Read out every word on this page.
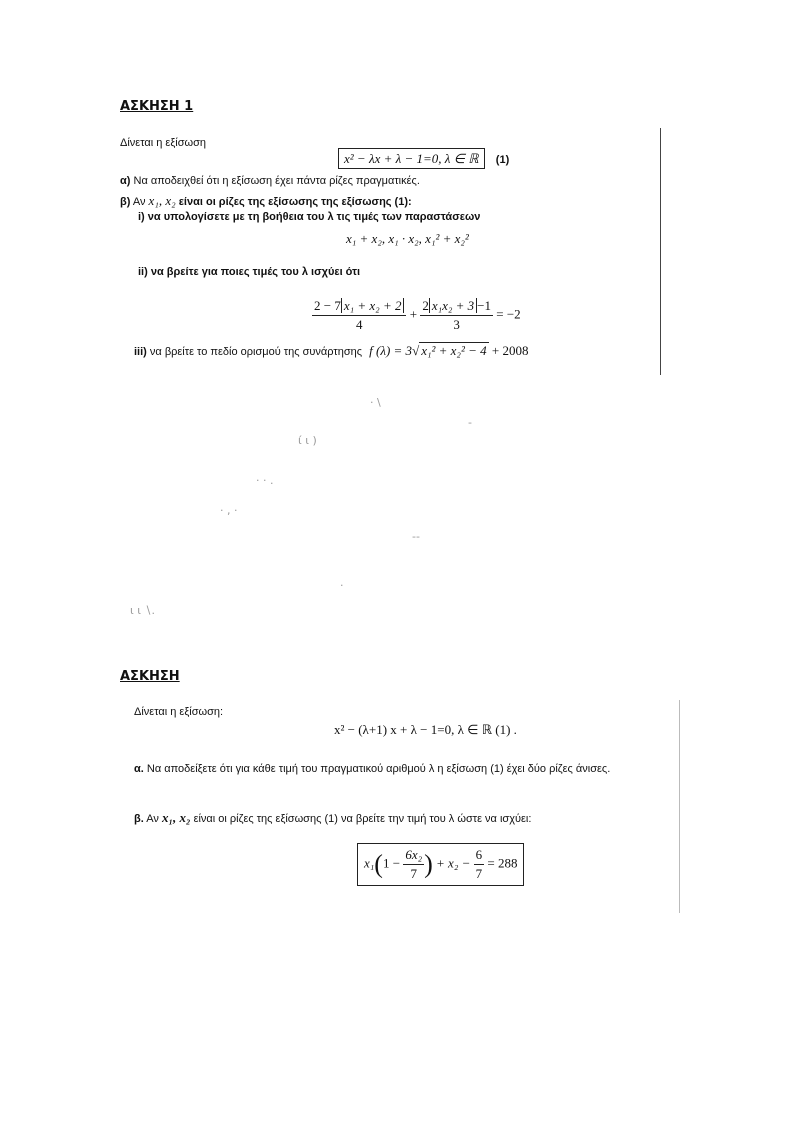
ΑΣΚΗΣΗ 1
Δίνεται η εξίσωση
x² − λx + λ − 1=0, λ ∈ ℝ (1)
α) Να αποδειχθεί ότι η εξίσωση έχει πάντα ρίζες πραγματικές.
β) Αν x₁, x₂ είναι οι ρίζες της εξίσωσης της εξίσωσης (1):
i) να υπολογίσετε με τη βοήθεια του λ τις τιμές των παραστάσεων
x₁ + x₂, x₁ · x₂, x₁² + x₂²
ii) να βρείτε για ποιες τιμές του λ ισχύει ότι
$\frac{\text{2 − 7 x₁ + x₂ + 2}}{4} + \frac{\text{2 x₁x₂ + 3 −1}}{3} = -2$
iii) να βρείτε το πεδίο ορισμού της συνάρτησης f (λ) = 3√ x₁² + x₂² − 4 + 2008
· \
ί ι )
-
· · .
· , ·
--
.
ι ι ∖.
ΑΣΚΗΣΗ
Δίνεται η εξίσωση:
x² − (λ+1) x + λ − 1=0, λ ∈ ℝ (1) .
α. Να αποδείξετε ότι για κάθε τιμή του πραγματικού αριθμού λ η εξίσωση (1) έχει δύο ρίζες άνισες.
β. Αν x₁, x₂ είναι οι ρίζες της εξίσωσης (1) να βρείτε την τιμή του λ ώστε να ισχύει:
$x_1(1 - \frac{\text{6x₂}}{7}$ ) + $x_2 - \frac{6}{7} = 288$
